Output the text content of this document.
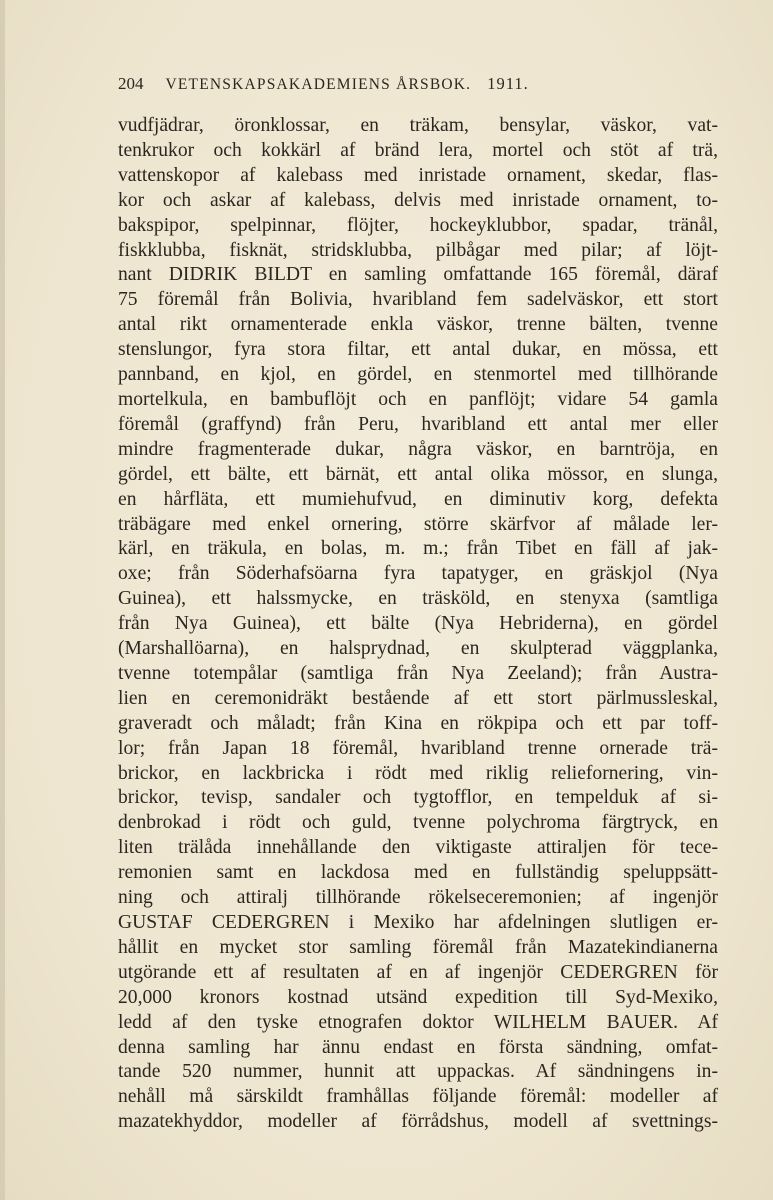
204 VETENSKAPSAKADEMIENS ÅRSBOK. 1911.
vudfjädrar, öronklossar, en träkam, bensylar, väskor, vat-
tenkrukor och kokkärl af bränd lera, mortel och stöt af trä,
vattenskopor af kalebass med inristade ornament, skedar, flas-
kor och askar af kalebass, delvis med inristade ornament, to-
bakspipor, spelpinnar, flöjter, hockeyklubbor, spadar, tränål,
fiskklubba, fisknät, stridsklubba, pilbågar med pilar; af löjt-
nant DIDRIK BILDT en samling omfattande 165 föremål, däraf
75 föremål från Bolivia, hvaribland fem sadelväskor, ett stort
antal rikt ornamenterade enkla väskor, trenne bälten, tvenne
stenslungor, fyra stora filtar, ett antal dukar, en mössa, ett
pannband, en kjol, en gördel, en stenmortel med tillhörande
mortelkula, en bambuflöjt och en panflöjt; vidare 54 gamla
föremål (graffynd) från Peru, hvaribland ett antal mer eller
mindre fragmenterade dukar, några väskor, en barntröja, en
gördel, ett bälte, ett bärnät, ett antal olika mössor, en slunga,
en hårfläta, ett mumiehufvud, en diminutiv korg, defekta
träbägare med enkel ornering, större skärfvor af målade ler-
kärl, en träkula, en bolas, m. m.; från Tibet en fäll af jak-
oxe; från Söderhafsöarna fyra tapatyger, en gräskjol (Nya
Guinea), ett halssmycke, en träsköld, en stenyxa (samtliga
från Nya Guinea), ett bälte (Nya Hebriderna), en gördel
(Marshallöarna), en halsprydnad, en skulpterad väggplanka,
tvenne totempålar (samtliga från Nya Zeeland); från Austra-
lien en ceremonidräkt bestående af ett stort pärlmussleskal,
graveradt och måladt; från Kina en rökpipa och ett par toff-
lor; från Japan 18 föremål, hvaribland trenne ornerade trä-
brickor, en lackbricka i rödt med riklig reliefornering, vin-
brickor, tevisp, sandaler och tygtofflor, en tempelduk af si-
denbrokad i rödt och guld, tvenne polychroma färgtryck, en
liten trälåda innehållande den viktigaste attiraljen för tece-
remonien samt en lackdosa med en fullständig speluppsätt-
ning och attiralj tillhörande rökelseceremonien; af ingenjör
GUSTAF CEDERGREN i Mexiko har afdelningen slutligen er-
hållit en mycket stor samling föremål från Mazatekindianerna
utgörande ett af resultaten af en af ingenjör CEDERGREN för
20,000 kronors kostnad utsänd expedition till Syd-Mexiko,
ledd af den tyske etnografen doktor WILHELM BAUER. Af
denna samling har ännu endast en första sändning, omfat-
tande 520 nummer, hunnit att uppackas. Af sändningens in-
nehåll må särskildt framhållas följande föremål: modeller af
mazatekhyddor, modeller af förrådshus, modell af svettnings-
